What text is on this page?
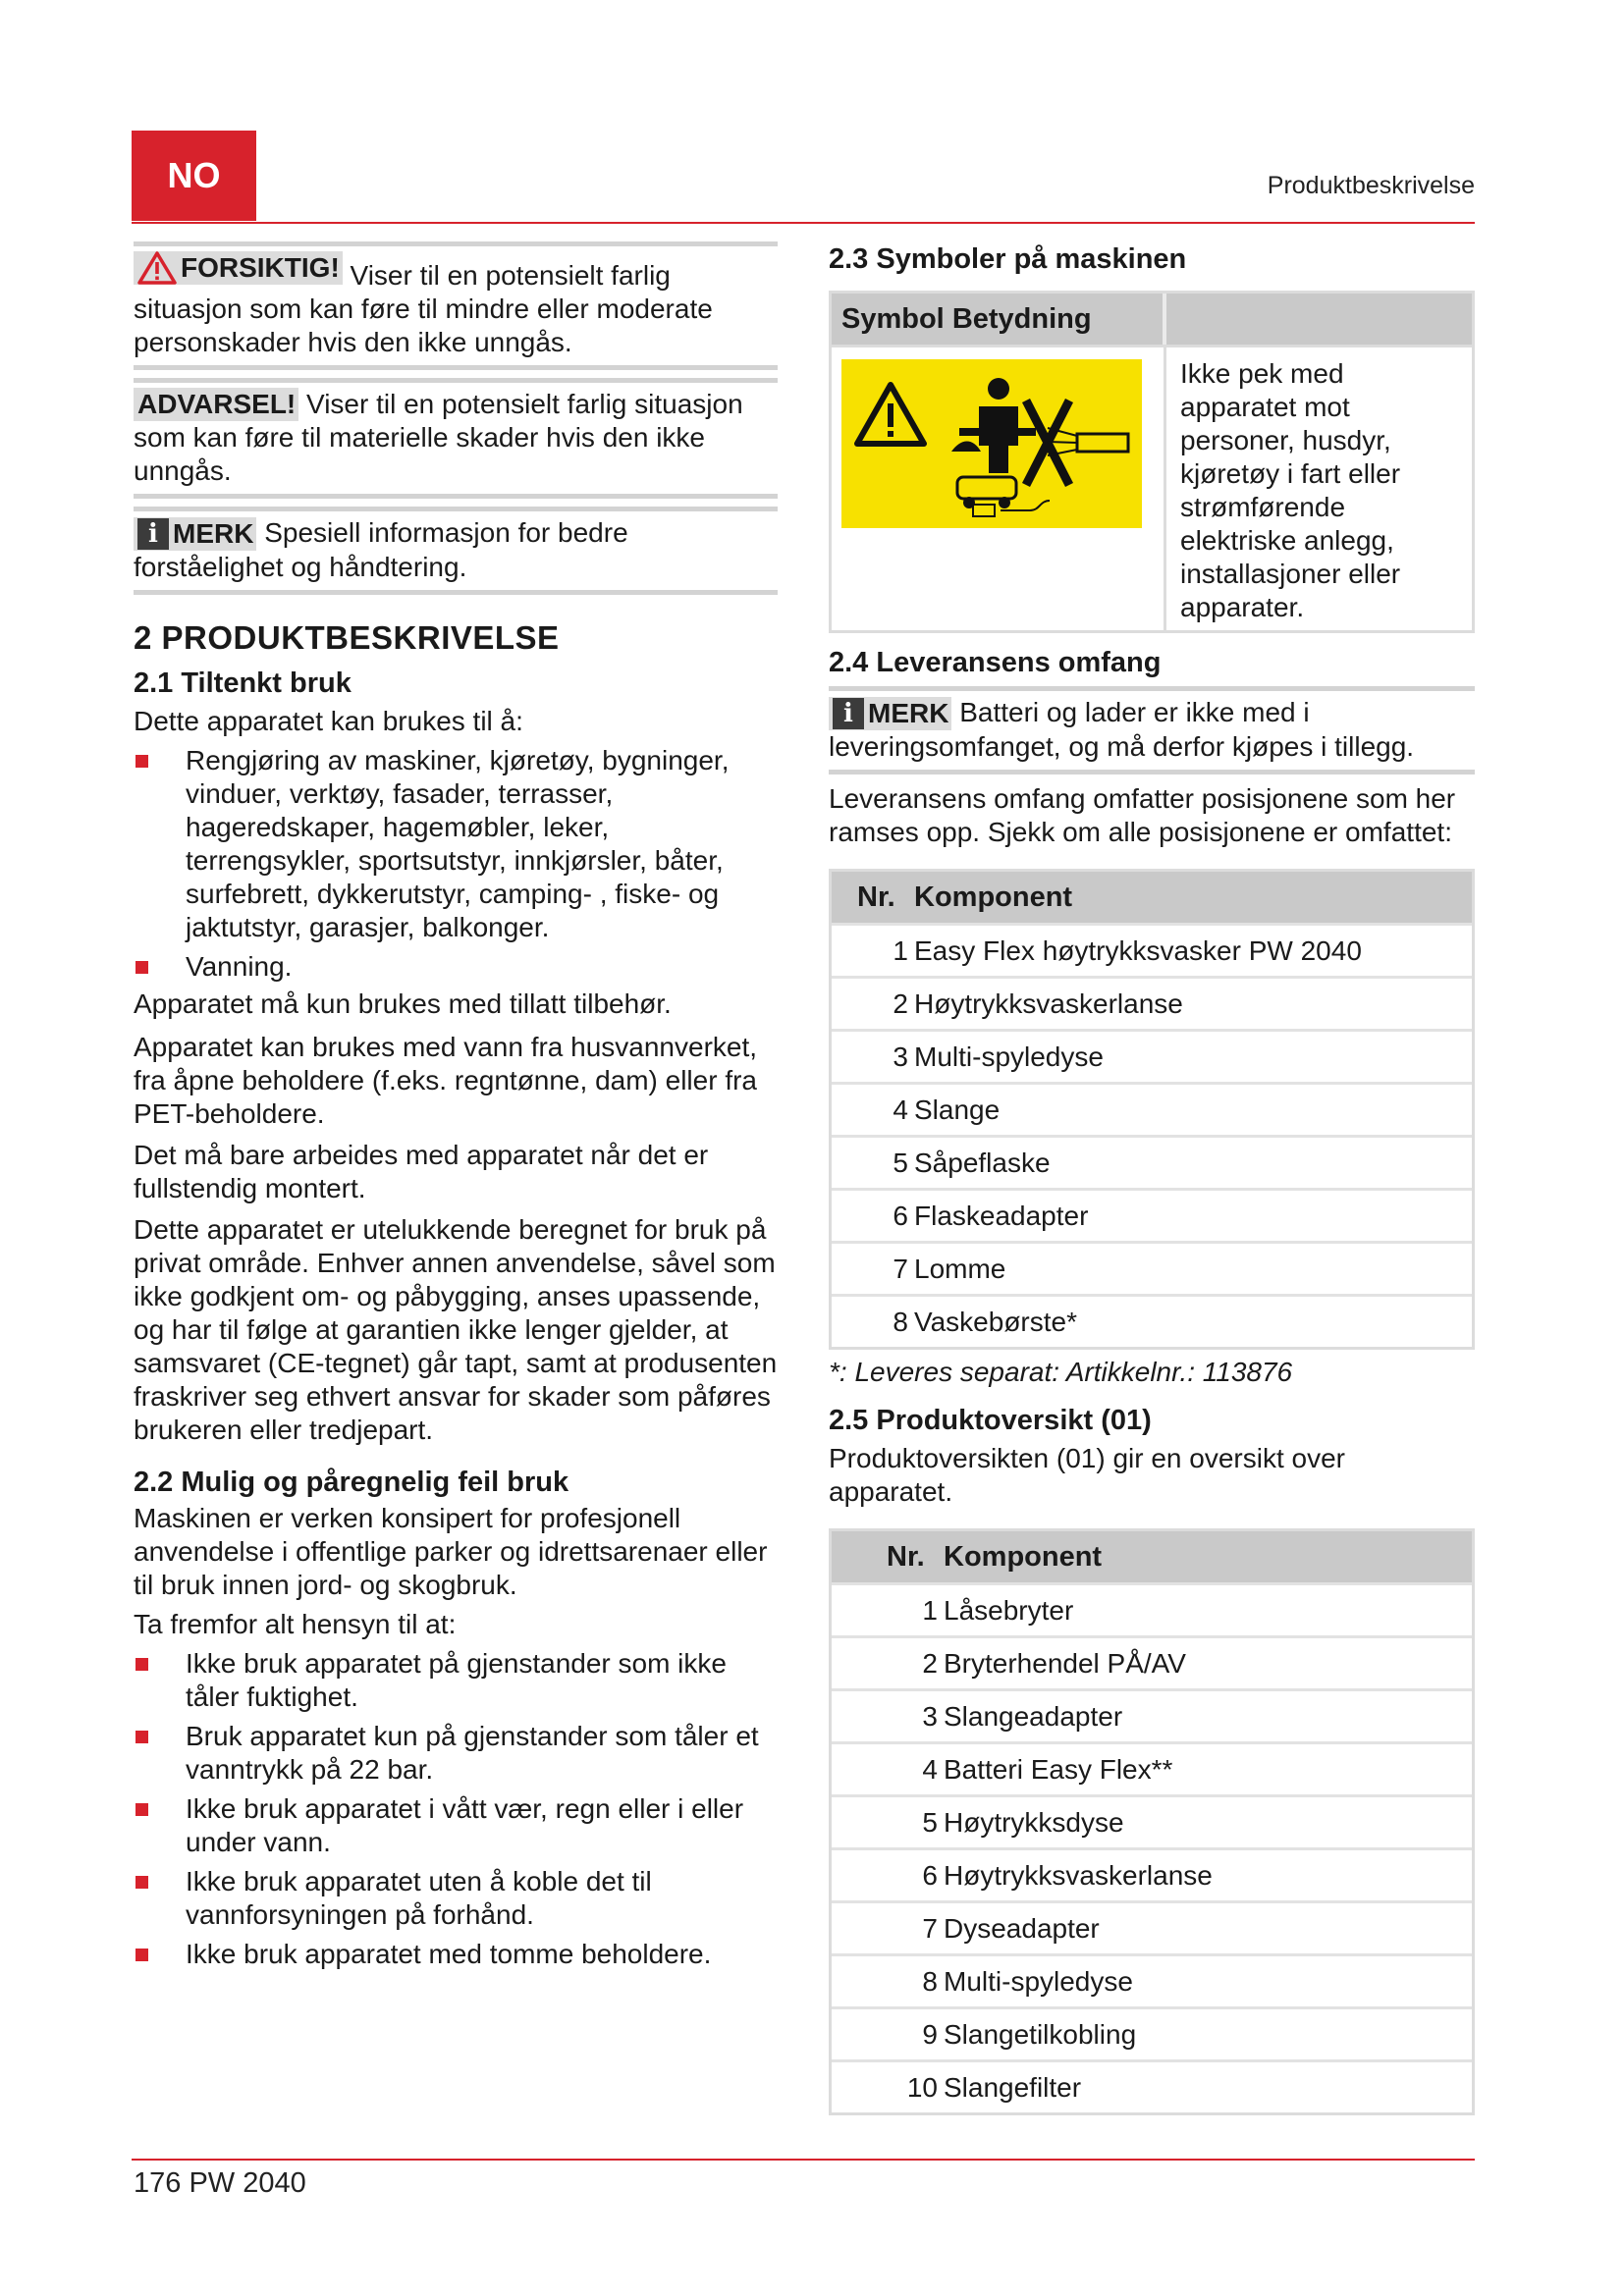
NO	Produktbeskrivelse
FORSIKTIG! Viser til en potensielt farlig situasjon som kan føre til mindre eller moderate personskader hvis den ikke unngås.
ADVARSEL! Viser til en potensielt farlig situasjon som kan føre til materielle skader hvis den ikke unngås.
i MERK Spesiell informasjon for bedre forståelighet og håndtering.
2 PRODUKTBESKRIVELSE
2.1 Tiltenkt bruk

Dette apparatet kan brukes til å:

Rengjøring av maskiner, kjøretøy, bygninger, vinduer, verktøy, fasader, terrasser, hageredskaper, hagemøbler, leker, terrengsykler, sportsutstyr, innkjørsler, båter, surfebrett, dykkerutstyr, camping- , fiske- og jaktutstyr, garasjer, balkonger.
Vanning.

Apparatet må kun brukes med tillatt tilbehør.

Apparatet kan brukes med vann fra husvannverket, fra åpne beholdere (f.eks. regntønne, dam) eller fra PET-beholdere.

Det må bare arbeides med apparatet når det er fullstendig montert.

Dette apparatet er utelukkende beregnet for bruk på privat område. Enhver annen anvendelse, såvel som ikke godkjent om- og påbygging, anses upassende, og har til følge at garantien ikke lenger gjelder, at samsvaret (CE-tegnet) går tapt, samt at produsenten fraskriver seg ethvert ansvar for skader som påføres brukeren eller tredjepart.

2.2 Mulig og påregnelig feil bruk

Maskinen er verken konsipert for profesjonell anvendelse i offentlige parker og idrettsarenaer eller til bruk innen jord- og skogbruk.

Ta fremfor alt hensyn til at:

Ikke bruk apparatet på gjenstander som ikke tåler fuktighet.
Bruk apparatet kun på gjenstander som tåler et vanntrykk på 22 bar.
Ikke bruk apparatet i vått vær, regn eller i eller under vann.
Ikke bruk apparatet uten å koble det til vannforsyningen på forhånd.
Ikke bruk apparatet med tomme beholdere.
2.3 Symboler på maskinen
Symbol Betydning	
	Ikke pek med apparatet mot personer, husdyr, kjøretøy i fart eller strømførende elektriske anlegg, installasjoner eller apparater.
2.4 Leveransens omfang
i MERK Batteri og lader er ikke med i leveringsomfanget, og må derfor kjøpes i tillegg.

Leveransens omfang omfatter posisjonene som her ramses opp. Sjekk om alle posisjonene er omfattet:

Nr.		Komponent
1		Easy Flex høytrykksvasker PW 2040
2		Høytrykksvaskerlanse
3		Multi-spyledyse
4		Slange
5		Såpeflaske
6		Flaskeadapter
7		Lomme
8		Vaskebørste*

*: Leveres separat: Artikkelnr.: 113876

2.5 Produktoversikt (01)

Produktoversikten (01) gir en oversikt over apparatet.

Nr.		Komponent
1		Låsebryter
2		Bryterhendel PÅ/AV
3		Slangeadapter
4		Batteri Easy Flex**
5		Høytrykksdyse
6		Høytrykksvaskerlanse
7		Dyseadapter
8		Multi-spyledyse
9		Slangetilkobling
10		Slangefilter
176 PW 2040
